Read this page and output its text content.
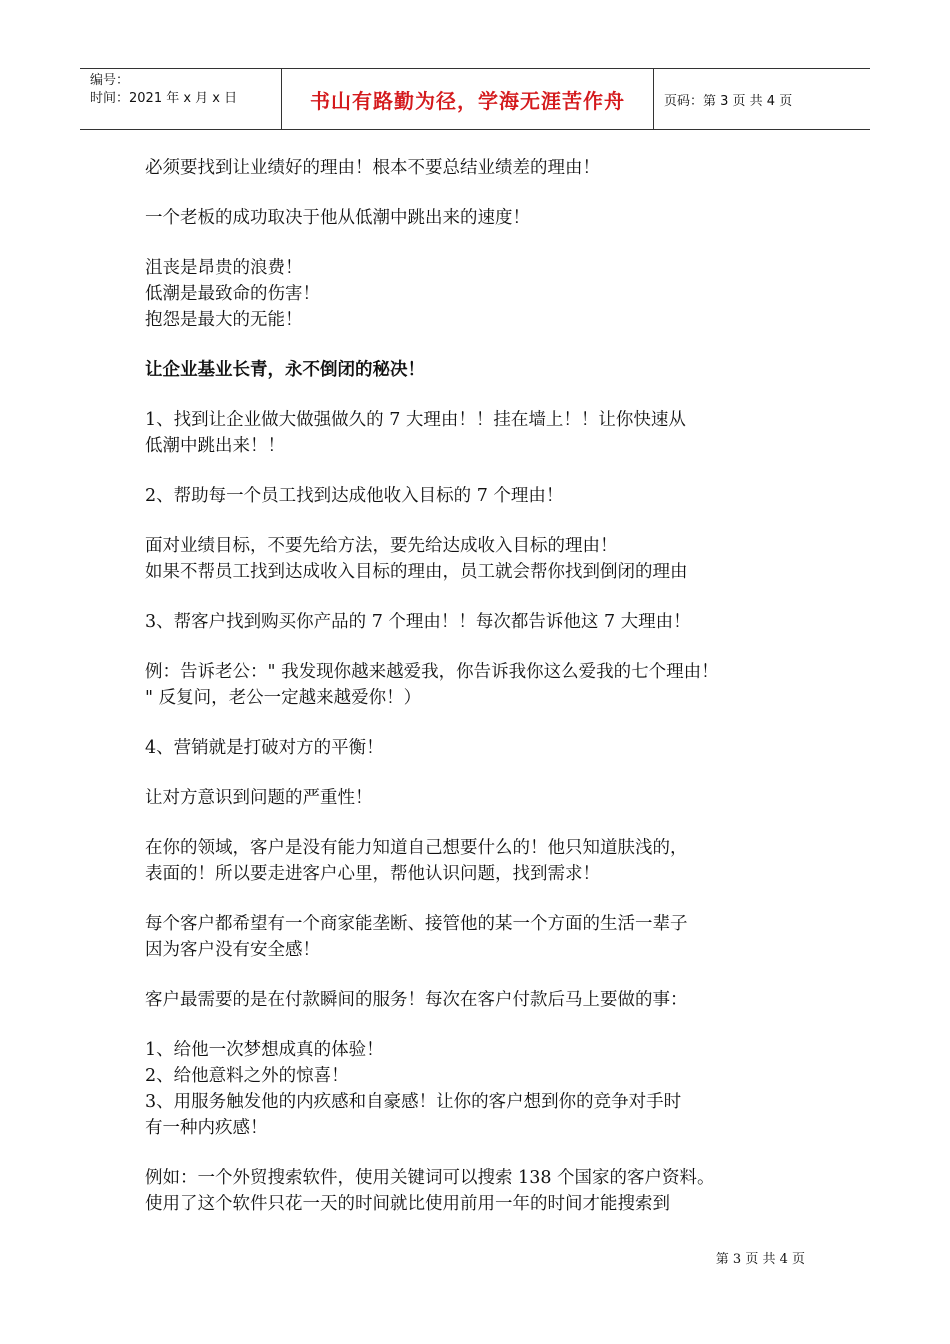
编号：
时间：2021 年 x 月 x 日	书山有路勤为径，学海无涯苦作舟	页码：第 3 页 共 4 页
必须要找到让业绩好的理由！根本不要总结业绩差的理由！
一个老板的成功取决于他从低潮中跳出来的速度！
沮丧是昂贵的浪费！
低潮是最致命的伤害！
抱怨是最大的无能！
让企业基业长青，永不倒闭的秘决！
1、找到让企业做大做强做久的 7 大理由！！挂在墙上！！让你快速从
低潮中跳出来！！
2、帮助每一个员工找到达成他收入目标的 7 个理由！
面对业绩目标，不要先给方法，要先给达成收入目标的理由！
如果不帮员工找到达成收入目标的理由，员工就会帮你找到倒闭的理由
3、帮客户找到购买你产品的 7 个理由！！每次都告诉他这 7 大理由！
例：告诉老公：" 我发现你越来越爱我，你告诉我你这么爱我的七个理由！
" 反复问，老公一定越来越爱你！）
4、营销就是打破对方的平衡！
让对方意识到问题的严重性！
在你的领域，客户是没有能力知道自己想要什么的！他只知道肤浅的，
表面的！所以要走进客户心里，帮他认识问题，找到需求！
每个客户都希望有一个商家能垄断、接管他的某一个方面的生活一辈子
因为客户没有安全感！
客户最需要的是在付款瞬间的服务！每次在客户付款后马上要做的事：
1、给他一次梦想成真的体验！
2、给他意料之外的惊喜！
3、用服务触发他的内疚感和自豪感！让你的客户想到你的竞争对手时
有一种内疚感！
例如：一个外贸搜索软件，使用关键词可以搜索 138 个国家的客户资料。
使用了这个软件只花一天的时间就比使用前用一年的时间才能搜索到
第 3 页 共 4 页
